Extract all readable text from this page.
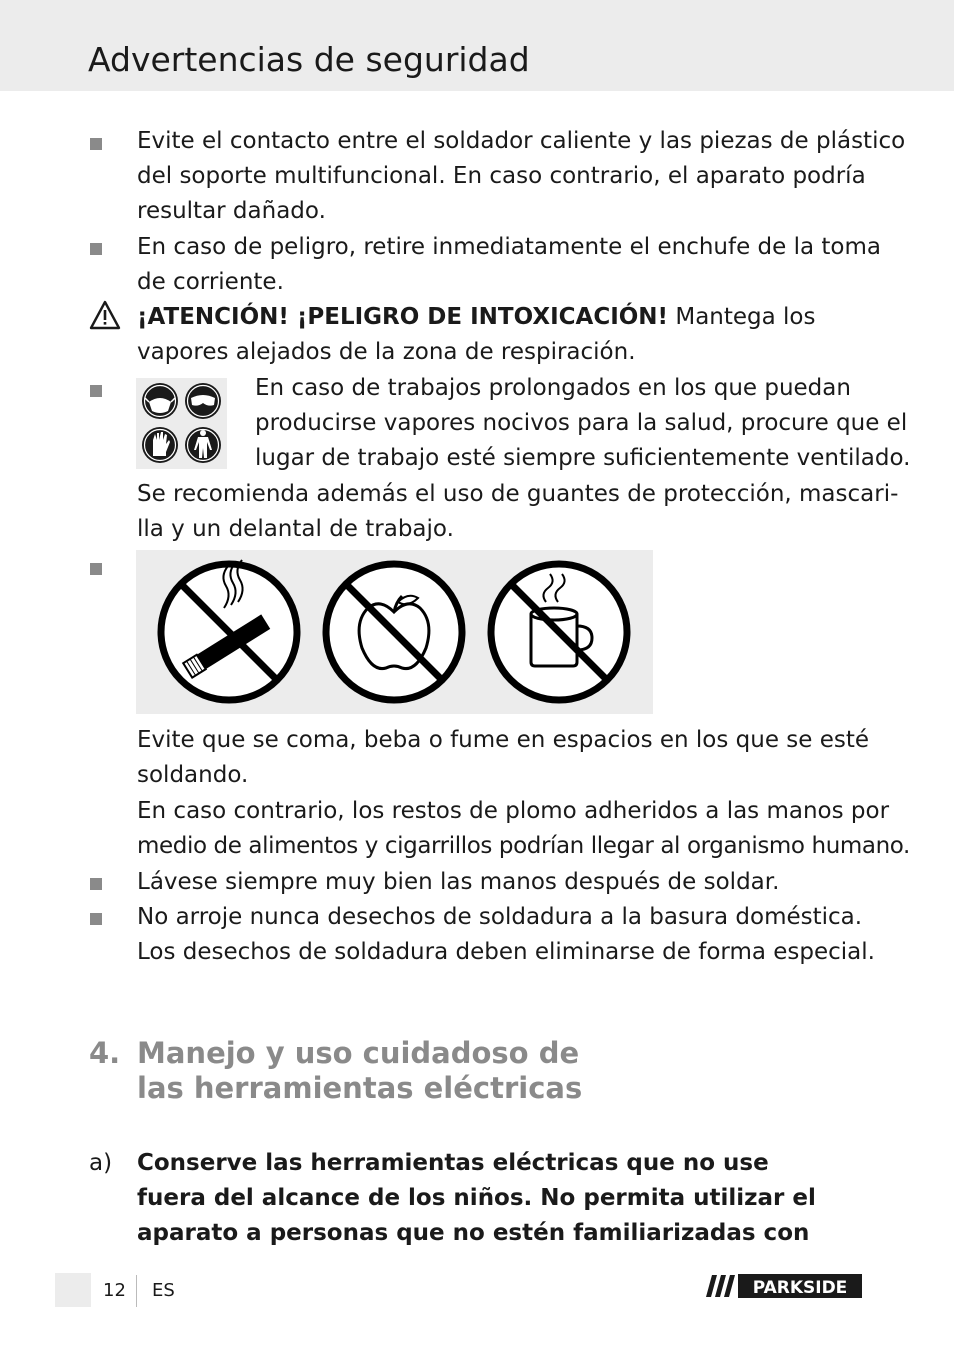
Advertencias de seguridad

Evite el contacto entre el soldador caliente y las piezas de plástico

del soporte multifuncional. En caso contrario, el aparato podría

resultar dañado.

En caso de peligro, retire inmediatamente el enchufe de la toma

de corriente.

¡ATENCIÓN! ¡PELIGRO DE INTOXICACIÓN! Mantega los

vapores alejados de la zona de respiración.

En caso de trabajos prolongados en los que puedan

producirse vapores nocivos para la salud, procure que el

lugar de trabajo esté siempre suficientemente ventilado.

Se recomienda además el uso de guantes de protección, mascari-

lla y un delantal de trabajo.

Evite que se coma, beba o fume en espacios en los que se esté

soldando.

En caso contrario, los restos de plomo adheridos a las manos por

medio de alimentos y cigarrillos podrían llegar al organismo humano.

Lávese siempre muy bien las manos después de soldar.

No arroje nunca desechos de soldadura a la basura doméstica.

Los desechos de soldadura deben eliminarse de forma especial.

4. Manejo y uso cuidadoso de
las herramientas eléctricas
a) Conserve las herramientas eléctricas que no use

fuera del alcance de los niños. No permita utilizar el

aparato a personas que no estén familiarizadas con

12 ES	PARKSIDE
